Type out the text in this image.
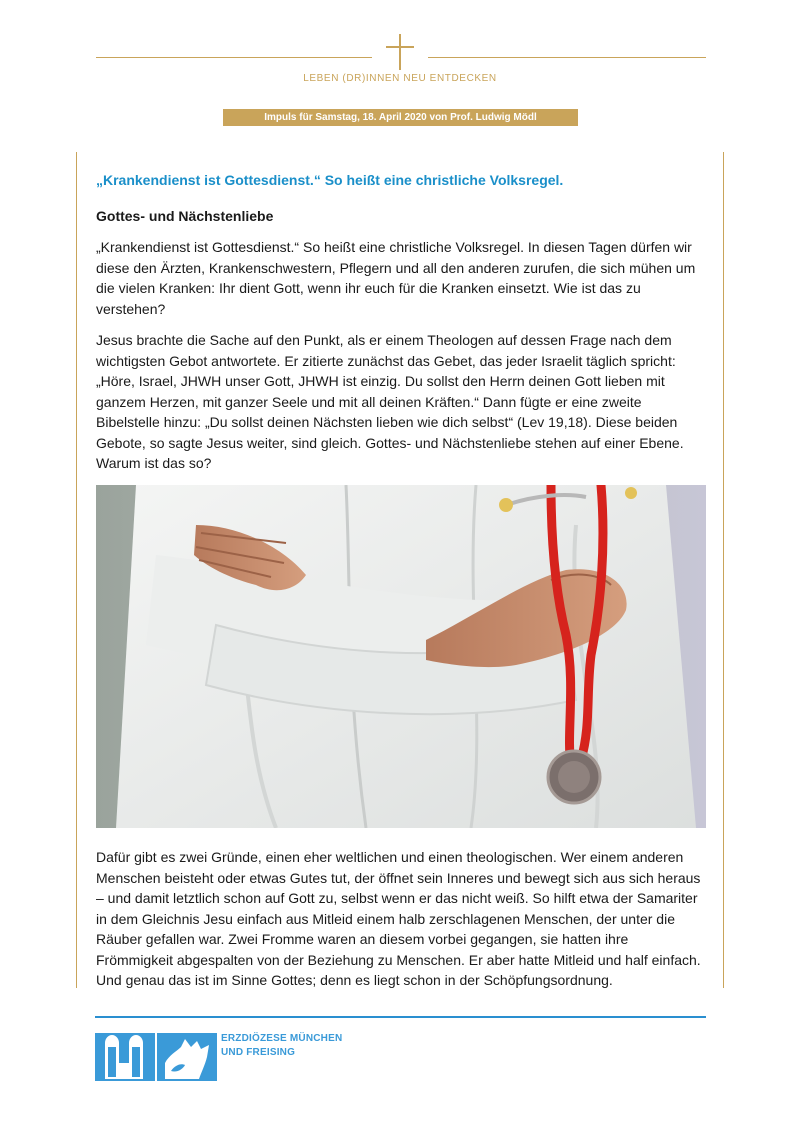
LEBEN (DR)INNEN NEU ENTDECKEN
Impuls für Samstag, 18. April 2020 von Prof. Ludwig Mödl
„Krankendienst ist Gottesdienst.“ So heißt eine christliche Volksregel.
Gottes- und Nächstenliebe
„Krankendienst ist Gottesdienst.“ So heißt eine christliche Volksregel. In diesen Tagen dürfen wir diese den Ärzten, Krankenschwestern, Pflegern und all den anderen zurufen, die sich mühen um die vielen Kranken: Ihr dient Gott, wenn ihr euch für die Kranken einsetzt. Wie ist das zu verstehen?
Jesus brachte die Sache auf den Punkt, als er einem Theologen auf dessen Frage nach dem wichtigsten Gebot antwortete. Er zitierte zunächst das Gebet, das jeder Israelit täglich spricht: „Höre, Israel, JHWH unser Gott, JHWH ist einzig. Du sollst den Herrn deinen Gott lieben mit ganzem Herzen, mit ganzer Seele und mit all deinen Kräften.“ Dann fügte er eine zweite Bibelstelle hinzu: „Du sollst deinen Nächsten lieben wie dich selbst“ (Lev 19,18). Diese beiden Gebote, so sagte Jesus weiter, sind gleich. Gottes- und Nächstenliebe stehen auf einer Ebene. Warum ist das so?
Dafür gibt es zwei Gründe, einen eher weltlichen und einen theologischen. Wer einem anderen Menschen beisteht oder etwas Gutes tut, der öffnet sein Inneres und bewegt sich aus sich heraus – und damit letztlich schon auf Gott zu, selbst wenn er das nicht weiß. So hilft etwa der Samariter in dem Gleichnis Jesu einfach aus Mitleid einem halb zerschlagenen Menschen, der unter die Räuber gefallen war. Zwei Fromme waren an diesem vorbei gegangen, sie hatten ihre Frömmigkeit abgespalten von der Beziehung zu Menschen. Er aber hatte Mitleid und half einfach. Und genau das ist im Sinne Gottes; denn es liegt schon in der Schöpfungsordnung.
ERZDIÖZESE MÜNCHEN
UND FREISING
